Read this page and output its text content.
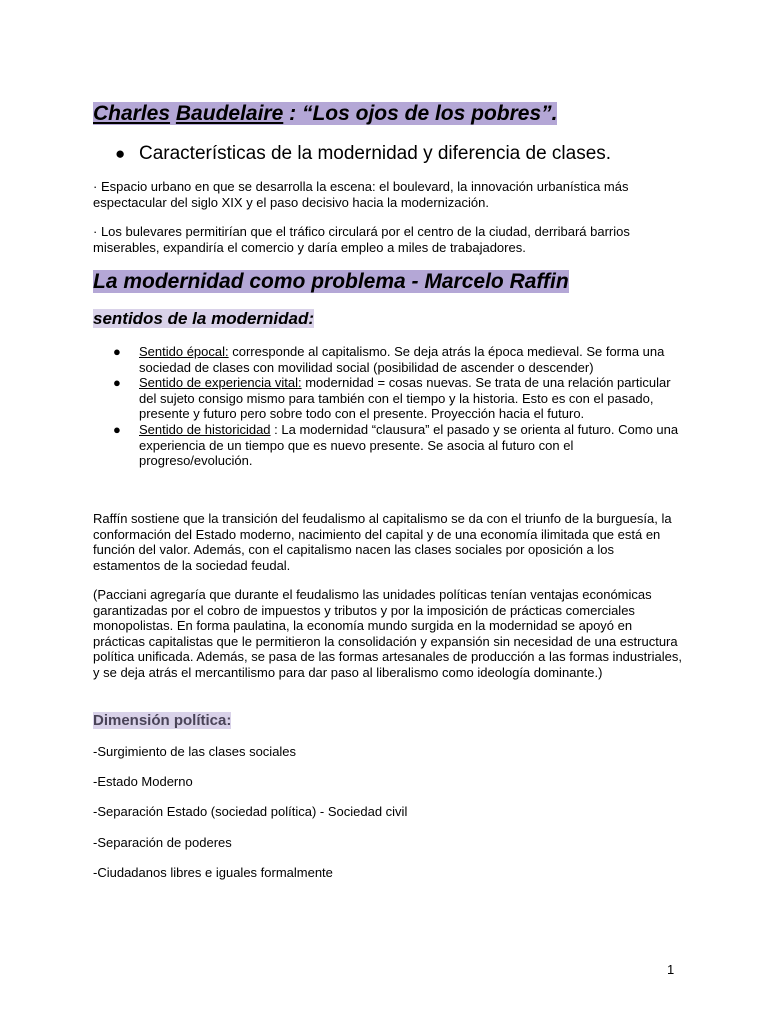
Charles Baudelaire : “Los ojos de los pobres”.
● Características de la modernidad y diferencia de clases.

· Espacio urbano en que se desarrolla la escena: el boulevard, la innovación urbanística más espectacular del siglo XIX y el paso decisivo hacia la modernización.

· Los bulevares permitirían que el tráfico circulará por el centro de la ciudad, derribará barrios miserables, expandiría el comercio y daría empleo a miles de trabajadores.

La modernidad como problema - Marcelo Raffin
sentidos de la modernidad:
● Sentido épocal: corresponde al capitalismo. Se deja atrás la época medieval. Se forma una sociedad de clases con movilidad social (posibilidad de ascender o descender)
● Sentido de experiencia vital: modernidad = cosas nuevas. Se trata de una relación particular del sujeto consigo mismo para también con el tiempo y la historia. Esto es con el pasado, presente y futuro pero sobre todo con el presente. Proyección hacia el futuro.
● Sentido de historicidad : La modernidad “clausura” el pasado y se orienta al futuro. Como una experiencia de un tiempo que es nuevo presente. Se asocia al futuro con el progreso/evolución.

Raffín sostiene que la transición del feudalismo al capitalismo se da con el triunfo de la burguesía, la conformación del Estado moderno, nacimiento del capital y de una economía ilimitada que está en función del valor. Además, con el capitalismo nacen las clases sociales por oposición a los estamentos de la sociedad feudal.

(Pacciani agregaría que durante el feudalismo las unidades políticas tenían ventajas económicas garantizadas por el cobro de impuestos y tributos y por la imposición de prácticas comerciales monopolistas. En forma paulatina, la economía mundo surgida en la modernidad se apoyó en prácticas capitalistas que le permitieron la consolidación y expansión sin necesidad de una estructura política unificada. Además, se pasa de las formas artesanales de producción a las formas industriales, y se deja atrás el mercantilismo para dar paso al liberalismo como ideología dominante.)

Dimensión política:

-Surgimiento de las clases sociales

-Estado Moderno

-Separación Estado (sociedad política) - Sociedad civil

-Separación de poderes

-Ciudadanos libres e iguales formalmente

1
